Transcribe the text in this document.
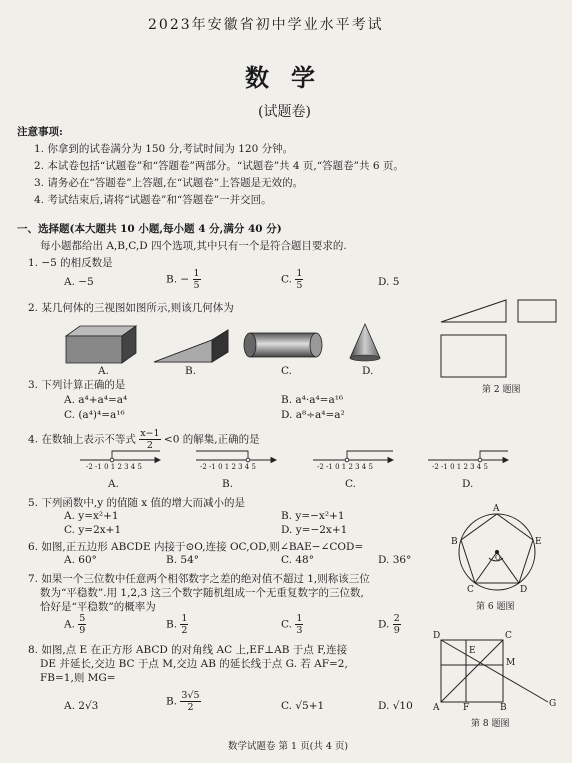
2023年安徽省初中学业水平考试
数学
(试题卷)
注意事项:
1. 你拿到的试卷满分为 150 分,考试时间为 120 分钟。
2. 本试卷包括“试题卷”和“答题卷”两部分。“试题卷”共 4 页,“答题卷”共 6 页。
3. 请务必在“答题卷”上答题,在“试题卷”上答题是无效的。
4. 考试结束后,请将“试题卷”和“答题卷”一并交回。
一、选择题(本大题共 10 小题,每小题 4 分,满分 40 分)
每小题都给出 A,B,C,D 四个选项,其中只有一个是符合题目要求的.
1. −5 的相反数是
A. −5	B. − $\frac{1}{5}$	C. $\frac{1}{5}$	D. 5
2. 某几何体的三视图如图所示,则该几何体为
A.	B.	C.	D.
第 2 题图
3. 下列计算正确的是
A. a⁴+a⁴=a⁴	B. a⁴·a⁴=a¹⁶
C. (a⁴)⁴=a¹⁶	D. a⁸÷a⁴=a²
4. 在数轴上表示不等式 $\frac{x-1}{2} <0$ 的解集,正确的是
-2 -1 0 1 2 3 4 5	-2 -1 0 1 2 3 4 5	-2 -1 0 1 2 3 4 5	-2 -1 0 1 2 3 4 5
A.	B.	C.	D.
5. 下列函数中,y 的值随 x 值的增大而减小的是
A. y=x²+1	B. y=−x²+1
C. y=2x+1	D. y=−2x+1
6. 如图,正五边形 ABCDE 内接于⊙O,连接 OC,OD,则∠BAE−∠COD=
A. 60°	B. 54°	C. 48°	D. 36°
A
B	E
C	D
O
第 6 题图
7. 如果一个三位数中任意两个相邻数字之差的绝对值不超过 1,则称该三位
数为“平稳数”.用 1,2,3 这三个数字随机组成一个无重复数字的三位数,
恰好是“平稳数”的概率为
A. $\frac{5}{9}$	B. $\frac{1}{2}$	C. $\frac{1}{3}$	D. $\frac{2}{9}$
8. 如图,点 E 在正方形 ABCD 的对角线 AC 上,EF⊥AB 于点 F,连接
DE 并延长,交边 BC 于点 M,交边 AB 的延长线于点 G. 若 AF=2,
FB=1,则 MG=
A. 2√3	B. $\frac{3√5}{2}$	C. √5+1	D. √10
D	C
E
M
A	F	B	G
第 8 题图
数学试题卷 第 1 页(共 4 页)
